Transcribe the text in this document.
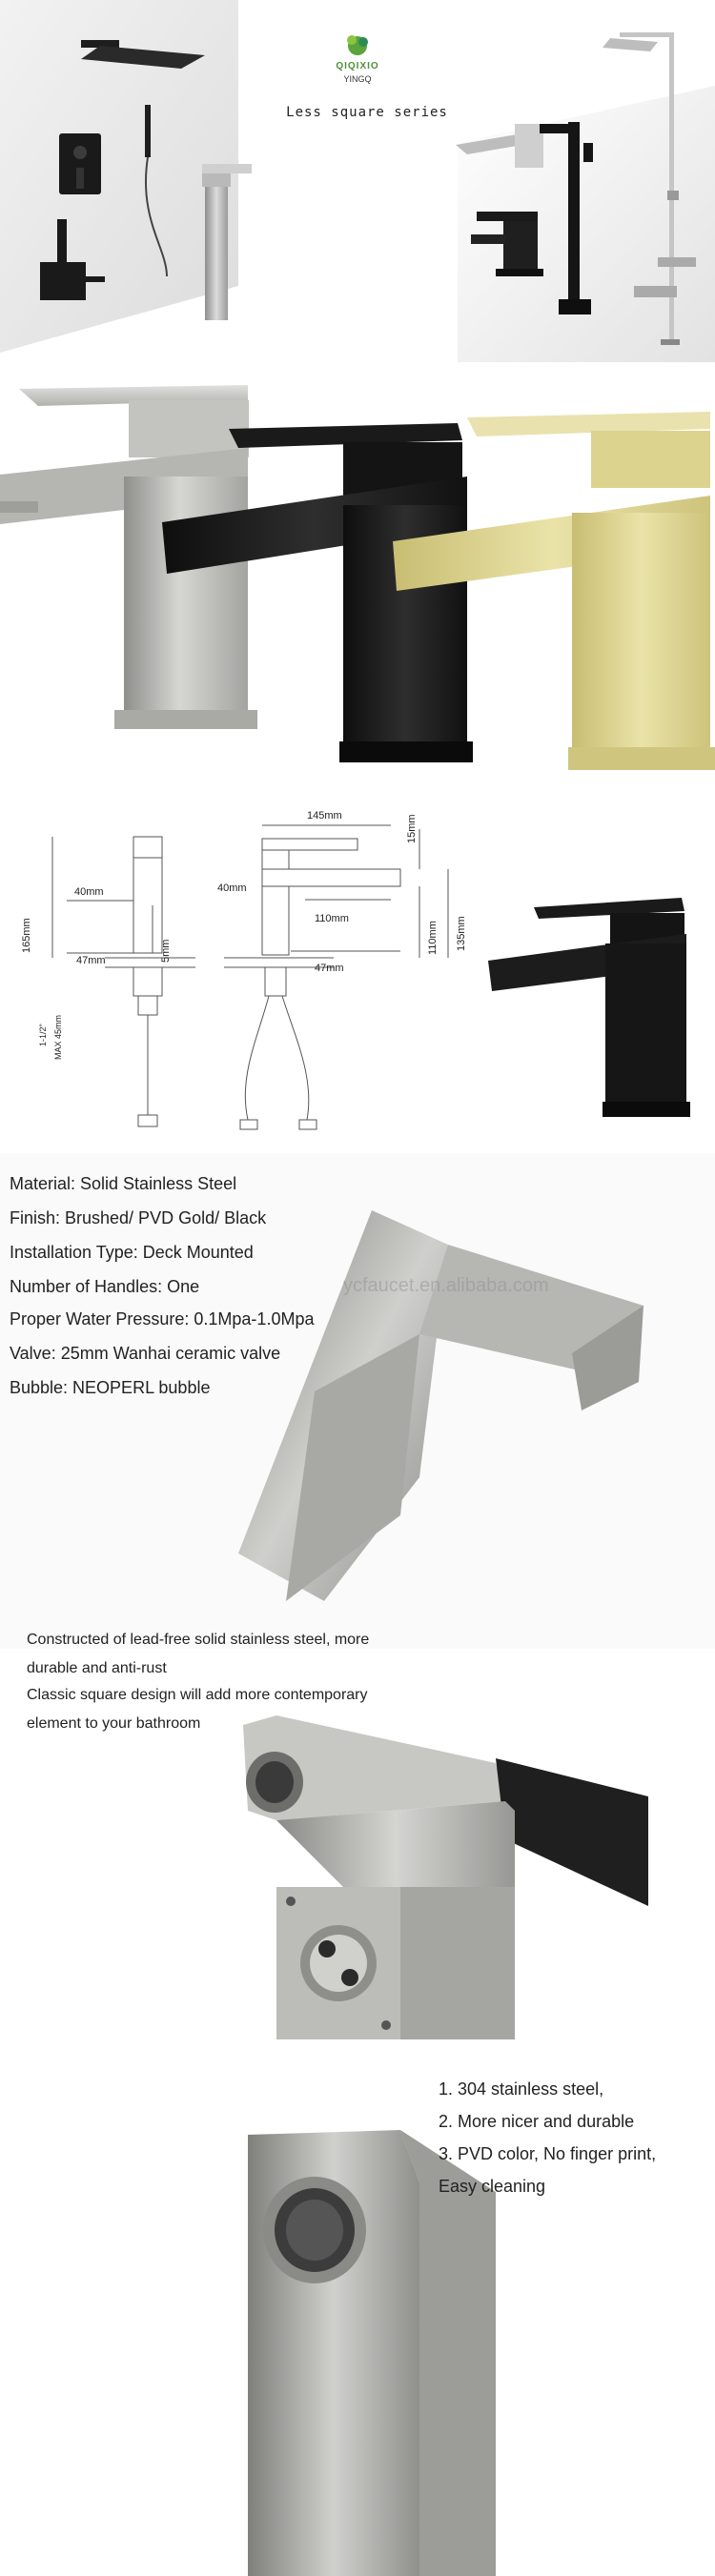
QIQIXIO
YINGQ
Less square series
145mm	15mm
40mm	40mm
110mm
110mm 135mm
165mm
47mm
47mm
5mm
1-1/2" MAX 45mm
Material: Solid Stainless Steel
Finish: Brushed/ PVD Gold/ Black
Installation Type: Deck Mounted
Number of Handles: One
Proper Water Pressure: 0.1Mpa-1.0Mpa
Valve: 25mm Wanhai ceramic valve
Bubble: NEOPERL bubble
ycfaucet.en.alibaba.com
Constructed of lead-free solid stainless steel, more
durable and anti-rust
Classic square design will add more contemporary
element to your bathroom
1. 304 stainless steel,
2. More nicer and durable
3. PVD color, No finger print,
Easy cleaning
